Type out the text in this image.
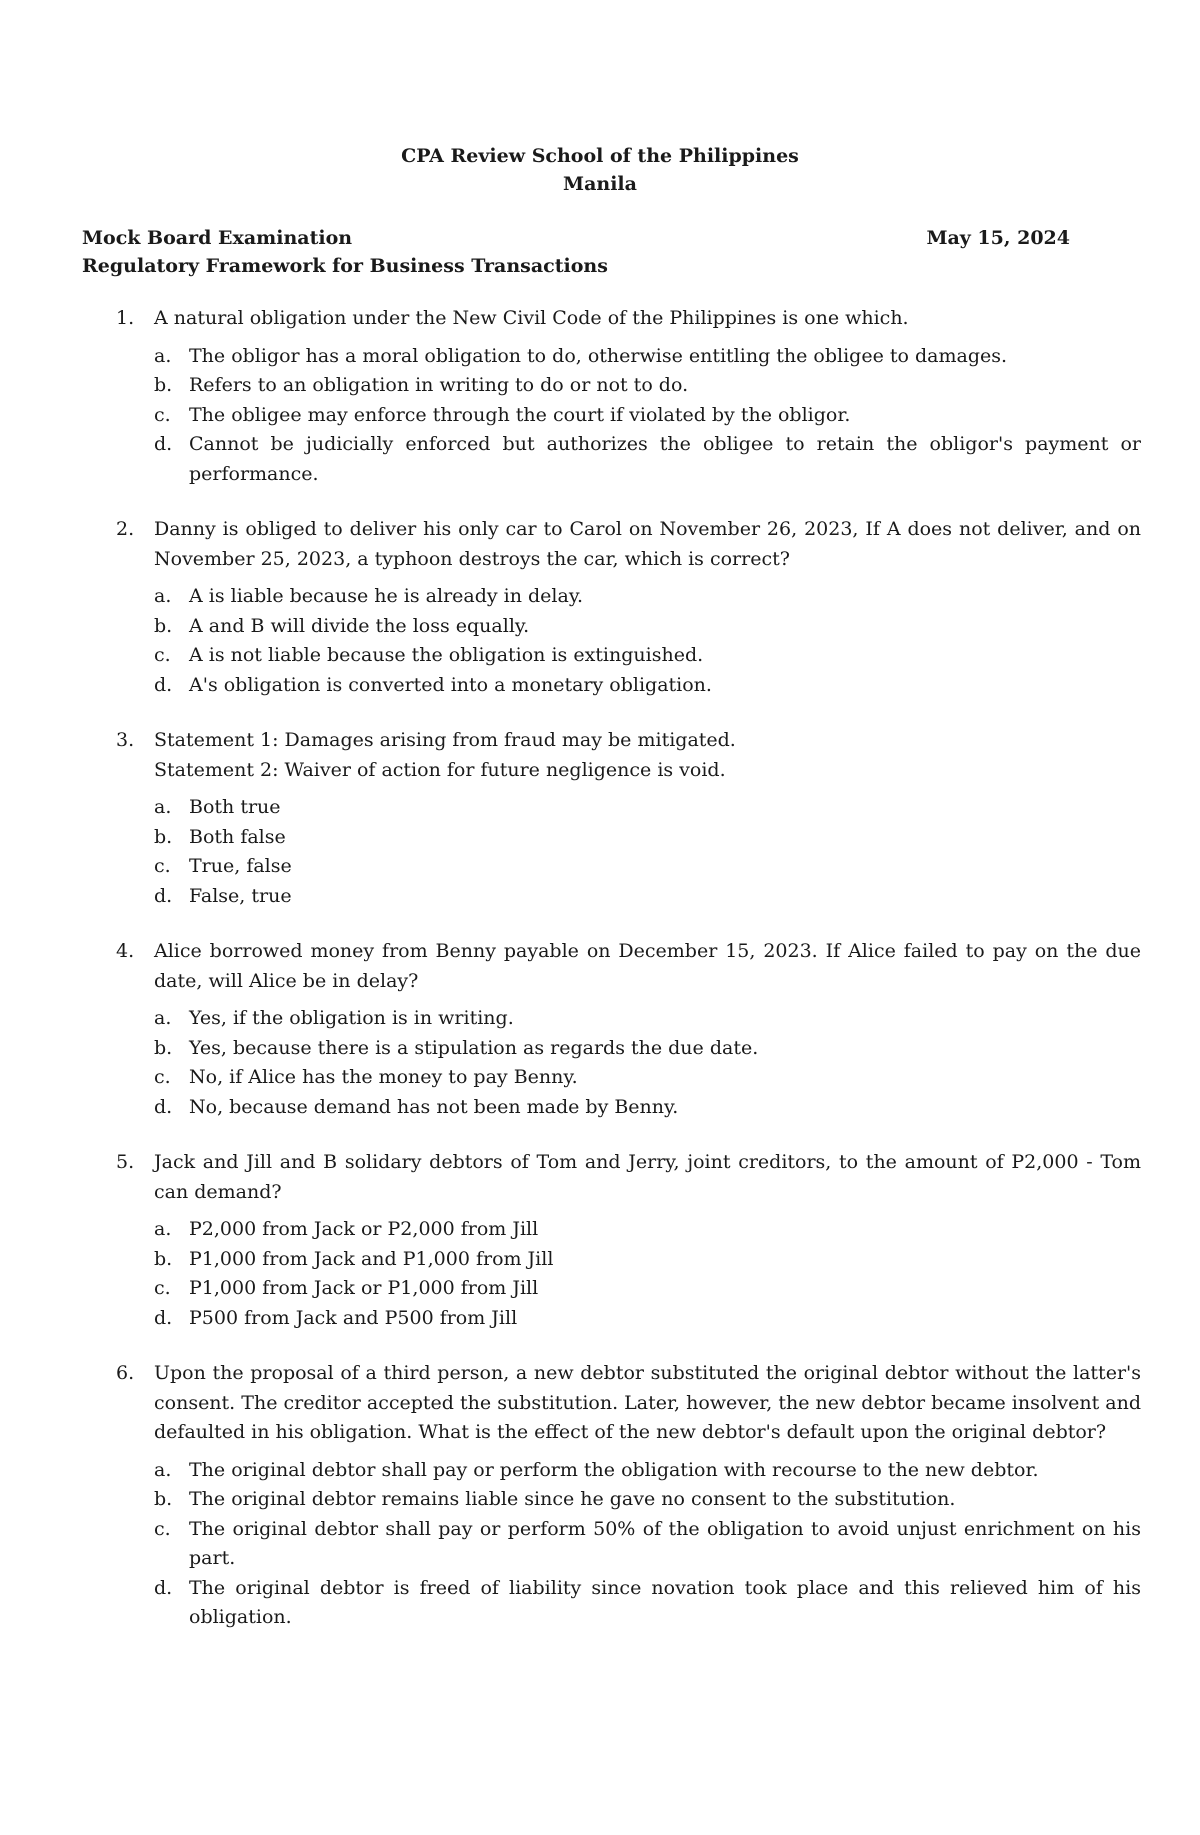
CPA Review School of the Philippines
Manila
Mock Board Examination	May 15, 2024
Regulatory Framework for Business Transactions
1.	A natural obligation under the New Civil Code of the Philippines is one which.
a. The obligor has a moral obligation to do, otherwise entitling the obligee to damages.
b. Refers to an obligation in writing to do or not to do.
c. The obligee may enforce through the court if violated by the obligor.
d. Cannot be judicially enforced but authorizes the obligee to retain the obligor's payment or performance.
2.	Danny is obliged to deliver his only car to Carol on November 26, 2023, If A does not deliver, and on November 25, 2023, a typhoon destroys the car, which is correct?
a. A is liable because he is already in delay.
b. A and B will divide the loss equally.
c. A is not liable because the obligation is extinguished.
d. A's obligation is converted into a monetary obligation.
3.	Statement 1: Damages arising from fraud may be mitigated.
Statement 2: Waiver of action for future negligence is void.
a. Both true
b. Both false
c. True, false
d. False, true
4.	Alice borrowed money from Benny payable on December 15, 2023. If Alice failed to pay on the due date, will Alice be in delay?
a. Yes, if the obligation is in writing.
b. Yes, because there is a stipulation as regards the due date.
c. No, if Alice has the money to pay Benny.
d. No, because demand has not been made by Benny.
5.	Jack and Jill and B solidary debtors of Tom and Jerry, joint creditors, to the amount of P2,000 - Tom can demand?
a. P2,000 from Jack or P2,000 from Jill
b. P1,000 from Jack and P1,000 from Jill
c. P1,000 from Jack or P1,000 from Jill
d. P500 from Jack and P500 from Jill
6.	Upon the proposal of a third person, a new debtor substituted the original debtor without the latter's consent. The creditor accepted the substitution. Later, however, the new debtor became insolvent and defaulted in his obligation. What is the effect of the new debtor's default upon the original debtor?
a. The original debtor shall pay or perform the obligation with recourse to the new debtor.
b. The original debtor remains liable since he gave no consent to the substitution.
c. The original debtor shall pay or perform 50% of the obligation to avoid unjust enrichment on his part.
d. The original debtor is freed of liability since novation took place and this relieved him of his obligation.
